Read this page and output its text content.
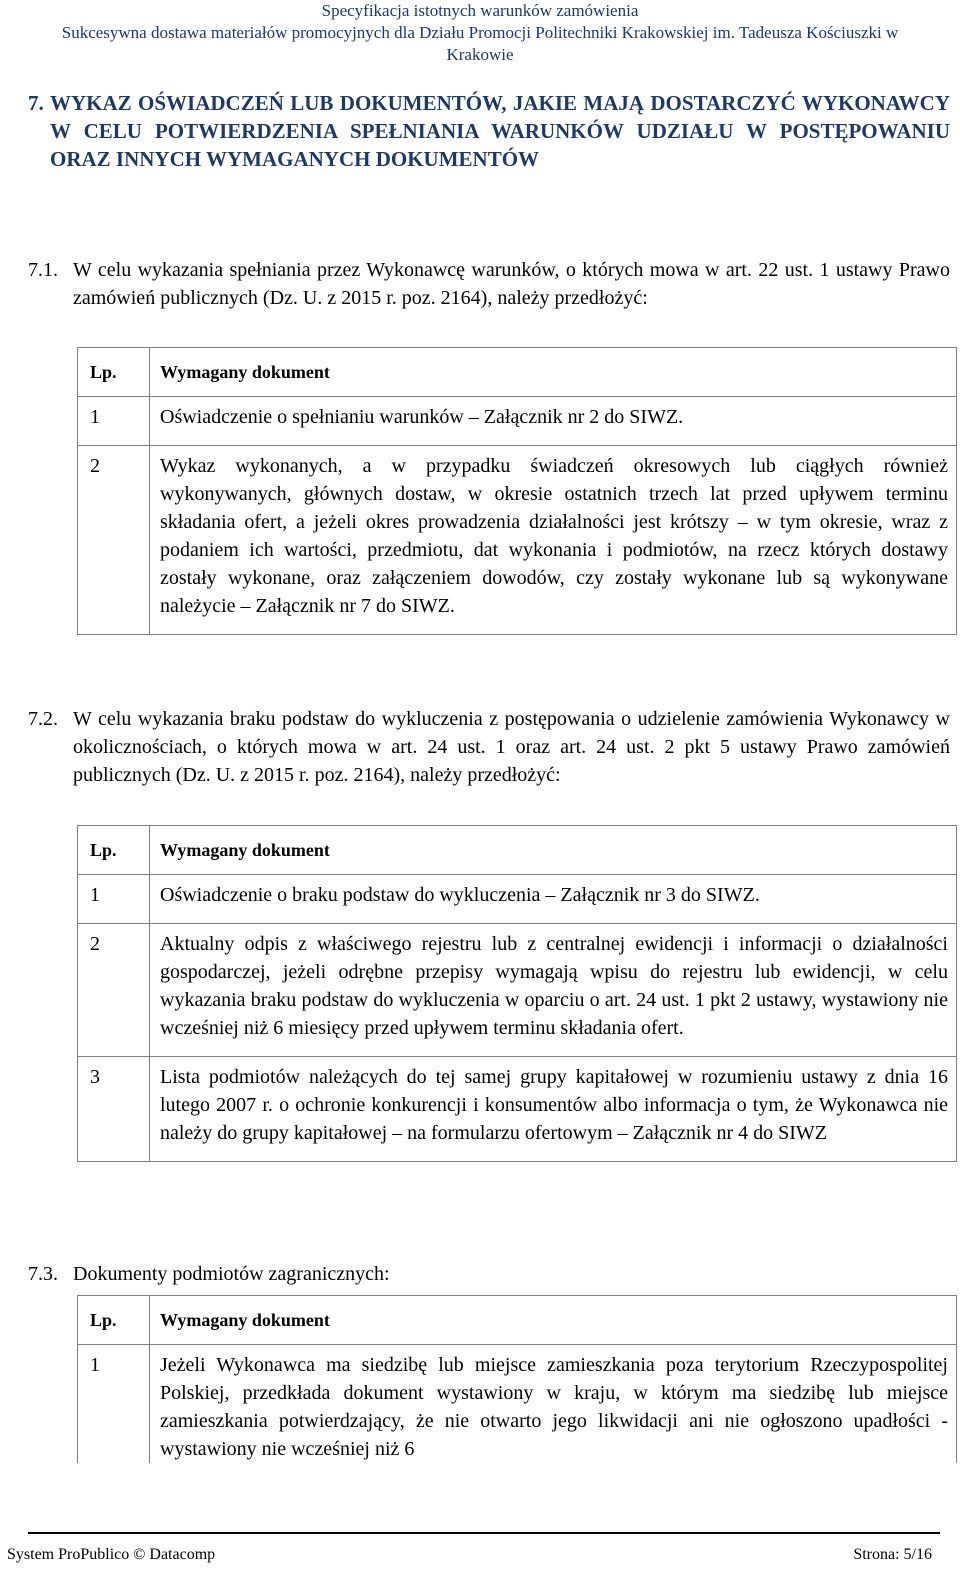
Specyfikacja istotnych warunków zamówienia
Sukcesywna dostawa materiałów promocyjnych dla Działu Promocji Politechniki Krakowskiej im. Tadeusza Kościuszki w
Krakowie
7. WYKAZ OŚWIADCZEŃ LUB DOKUMENTÓW, JAKIE MAJĄ DOSTARCZYĆ WYKONAWCY W CELU POTWIERDZENIA SPEŁNIANIA WARUNKÓW UDZIAŁU W POSTĘPOWANIU ORAZ INNYCH WYMAGANYCH DOKUMENTÓW
7.1. W celu wykazania spełniania przez Wykonawcę warunków, o których mowa w art. 22 ust. 1 ustawy Prawo zamówień publicznych (Dz. U. z 2015 r. poz. 2164), należy przedłożyć:
Lp.	Wymagany dokument
1	Oświadczenie o spełnianiu warunków – Załącznik nr 2 do SIWZ.
2	Wykaz wykonanych, a w przypadku świadczeń okresowych lub ciągłych również wykonywanych, głównych dostaw, w okresie ostatnich trzech lat przed upływem terminu składania ofert, a jeżeli okres prowadzenia działalności jest krótszy – w tym okresie, wraz z podaniem ich wartości, przedmiotu, dat wykonania i podmiotów, na rzecz których dostawy zostały wykonane, oraz załączeniem dowodów, czy zostały wykonane lub są wykonywane należycie – Załącznik nr 7 do SIWZ.
7.2. W celu wykazania braku podstaw do wykluczenia z postępowania o udzielenie zamówienia Wykonawcy w okolicznościach, o których mowa w art. 24 ust. 1 oraz art. 24 ust. 2 pkt 5 ustawy Prawo zamówień publicznych (Dz. U. z 2015 r. poz. 2164), należy przedłożyć:
Lp.	Wymagany dokument
1	Oświadczenie o braku podstaw do wykluczenia – Załącznik nr 3 do SIWZ.
2	Aktualny odpis z właściwego rejestru lub z centralnej ewidencji i informacji o działalności gospodarczej, jeżeli odrębne przepisy wymagają wpisu do rejestru lub ewidencji, w celu wykazania braku podstaw do wykluczenia w oparciu o art. 24 ust. 1 pkt 2 ustawy, wystawiony nie wcześniej niż 6 miesięcy przed upływem terminu składania ofert.
3	Lista podmiotów należących do tej samej grupy kapitałowej w rozumieniu ustawy z dnia 16 lutego 2007 r. o ochronie konkurencji i konsumentów albo informacja o tym, że Wykonawca nie należy do grupy kapitałowej – na formularzu ofertowym – Załącznik nr 4 do SIWZ
7.3. Dokumenty podmiotów zagranicznych:
Lp.	Wymagany dokument
1	Jeżeli Wykonawca ma siedzibę lub miejsce zamieszkania poza terytorium Rzeczypospolitej Polskiej, przedkłada dokument wystawiony w kraju, w którym ma siedzibę lub miejsce zamieszkania potwierdzający, że nie otwarto jego likwidacji ani nie ogłoszono upadłości - wystawiony nie wcześniej niż 6
System ProPublico © Datacomp	Strona: 5/16
